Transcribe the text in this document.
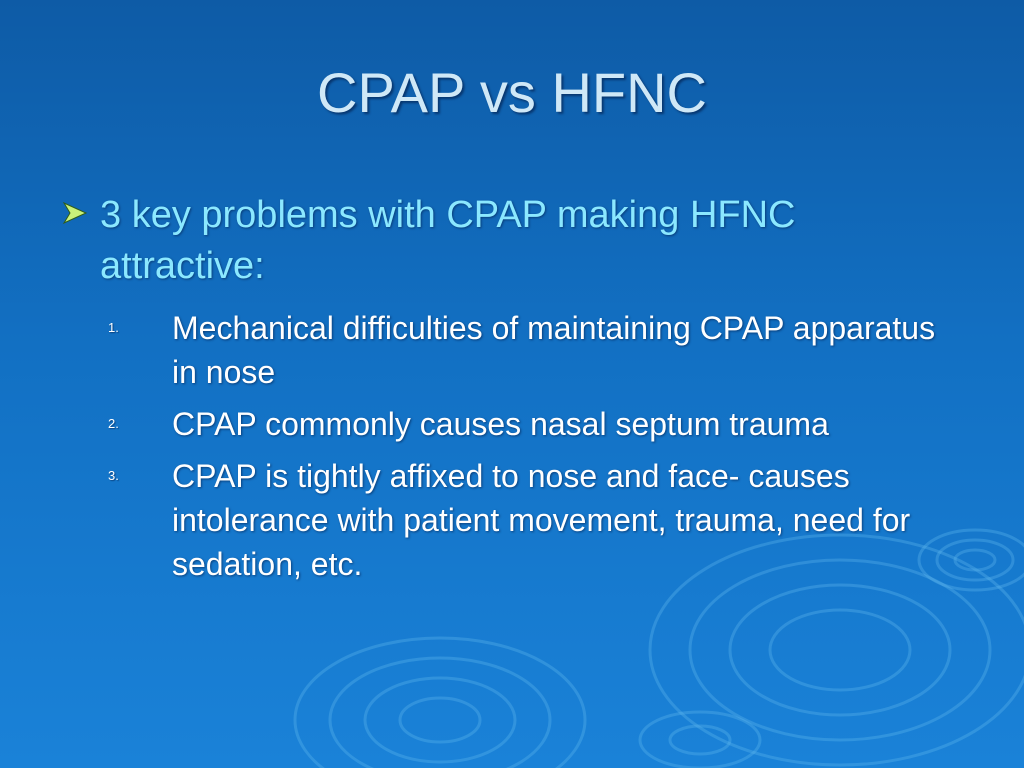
CPAP vs HFNC
3 key problems with CPAP making HFNC attractive:
1.	Mechanical difficulties of maintaining CPAP apparatus in nose
2.	CPAP commonly causes nasal septum trauma
3.	CPAP is tightly affixed to nose and face- causes intolerance with patient movement, trauma, need for sedation, etc.
